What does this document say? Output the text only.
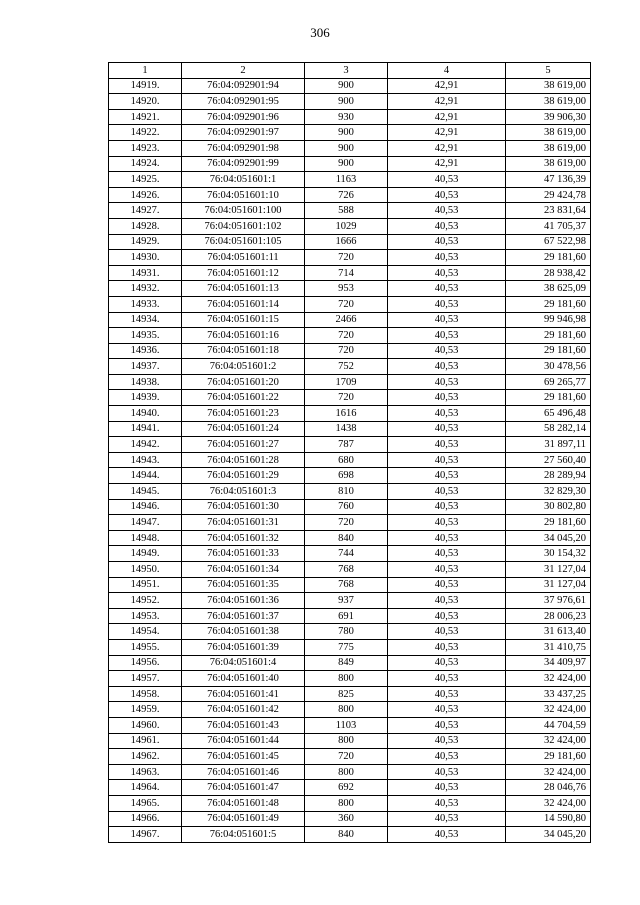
306
1	2	3	4	5
14919.	76:04:092901:94	900	42,91	38 619,00
14920.	76:04:092901:95	900	42,91	38 619,00
14921.	76:04:092901:96	930	42,91	39 906,30
14922.	76:04:092901:97	900	42,91	38 619,00
14923.	76:04:092901:98	900	42,91	38 619,00
14924.	76:04:092901:99	900	42,91	38 619,00
14925.	76:04:051601:1	1163	40,53	47 136,39
14926.	76:04:051601:10	726	40,53	29 424,78
14927.	76:04:051601:100	588	40,53	23 831,64
14928.	76:04:051601:102	1029	40,53	41 705,37
14929.	76:04:051601:105	1666	40,53	67 522,98
14930.	76:04:051601:11	720	40,53	29 181,60
14931.	76:04:051601:12	714	40,53	28 938,42
14932.	76:04:051601:13	953	40,53	38 625,09
14933.	76:04:051601:14	720	40,53	29 181,60
14934.	76:04:051601:15	2466	40,53	99 946,98
14935.	76:04:051601:16	720	40,53	29 181,60
14936.	76:04:051601:18	720	40,53	29 181,60
14937.	76:04:051601:2	752	40,53	30 478,56
14938.	76:04:051601:20	1709	40,53	69 265,77
14939.	76:04:051601:22	720	40,53	29 181,60
14940.	76:04:051601:23	1616	40,53	65 496,48
14941.	76:04:051601:24	1438	40,53	58 282,14
14942.	76:04:051601:27	787	40,53	31 897,11
14943.	76:04:051601:28	680	40,53	27 560,40
14944.	76:04:051601:29	698	40,53	28 289,94
14945.	76:04:051601:3	810	40,53	32 829,30
14946.	76:04:051601:30	760	40,53	30 802,80
14947.	76:04:051601:31	720	40,53	29 181,60
14948.	76:04:051601:32	840	40,53	34 045,20
14949.	76:04:051601:33	744	40,53	30 154,32
14950.	76:04:051601:34	768	40,53	31 127,04
14951.	76:04:051601:35	768	40,53	31 127,04
14952.	76:04:051601:36	937	40,53	37 976,61
14953.	76:04:051601:37	691	40,53	28 006,23
14954.	76:04:051601:38	780	40,53	31 613,40
14955.	76:04:051601:39	775	40,53	31 410,75
14956.	76:04:051601:4	849	40,53	34 409,97
14957.	76:04:051601:40	800	40,53	32 424,00
14958.	76:04:051601:41	825	40,53	33 437,25
14959.	76:04:051601:42	800	40,53	32 424,00
14960.	76:04:051601:43	1103	40,53	44 704,59
14961.	76:04:051601:44	800	40,53	32 424,00
14962.	76:04:051601:45	720	40,53	29 181,60
14963.	76:04:051601:46	800	40,53	32 424,00
14964.	76:04:051601:47	692	40,53	28 046,76
14965.	76:04:051601:48	800	40,53	32 424,00
14966.	76:04:051601:49	360	40,53	14 590,80
14967.	76:04:051601:5	840	40,53	34 045,20
